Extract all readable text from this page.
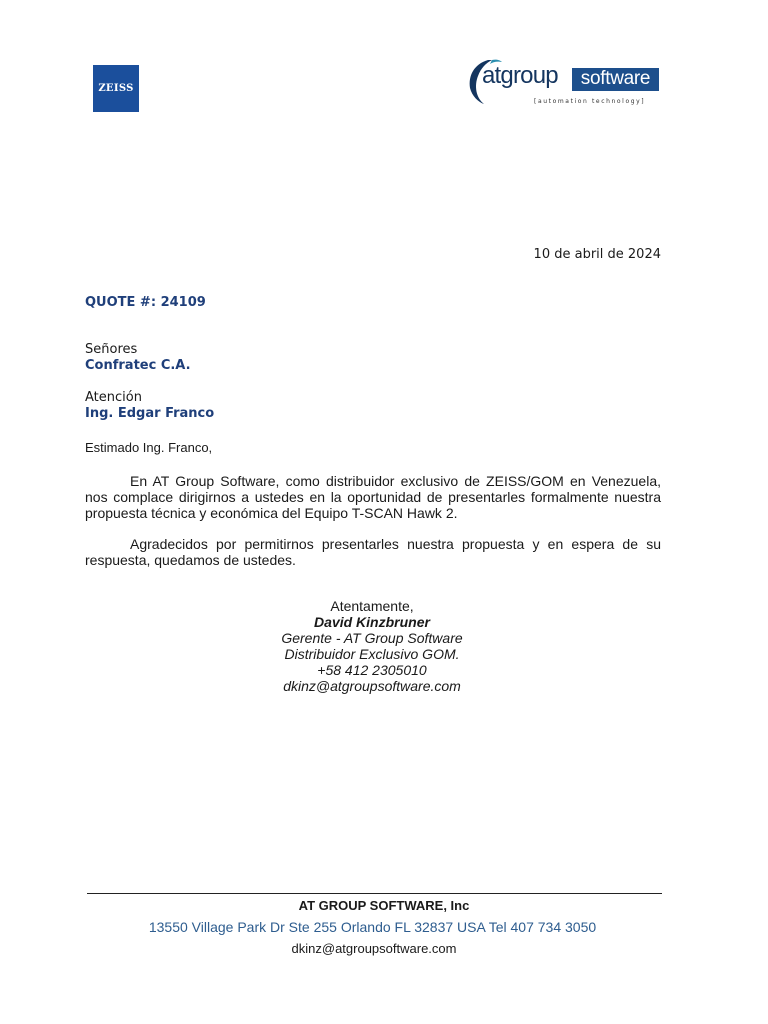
ZEISS	atgroup	software
[automation technology]
10 de abril de 2024
QUOTE #: 24109
Señores
Confratec C.A.
Atención
Ing. Edgar Franco
Estimado Ing. Franco,
En AT Group Software, como distribuidor exclusivo de ZEISS/GOM en Venezuela, nos complace dirigirnos a ustedes en la oportunidad de presentarles formalmente nuestra propuesta técnica y económica del Equipo T-SCAN Hawk 2.
Agradecidos por permitirnos presentarles nuestra propuesta y en espera de su respuesta, quedamos de ustedes.
Atentamente,
David Kinzbruner
Gerente - AT Group Software
Distribuidor Exclusivo GOM.
+58 412 2305010
dkinz@atgroupsoftware.com
AT GROUP SOFTWARE, Inc
13550 Village Park Dr Ste 255 Orlando FL 32837 USA Tel 407 734 3050
dkinz@atgroupsoftware.com
